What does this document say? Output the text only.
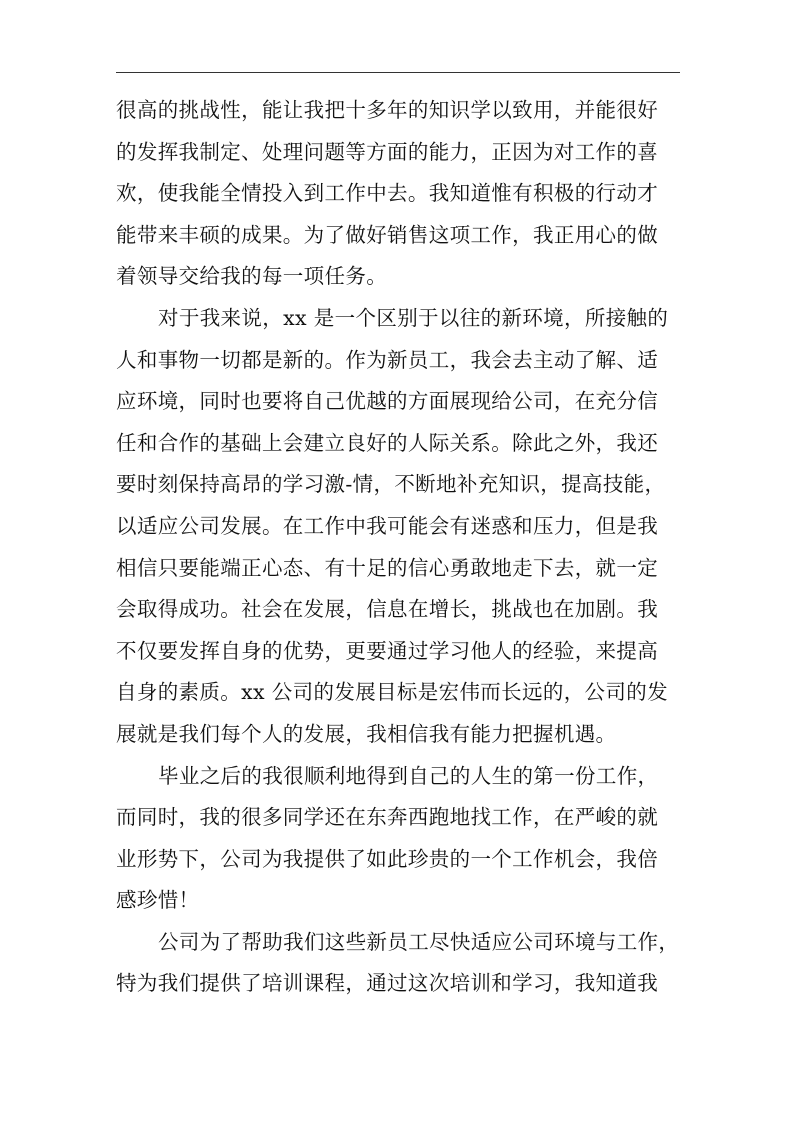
很高的挑战性，能让我把十多年的知识学以致用，并能很好
的发挥我制定、处理问题等方面的能力，正因为对工作的喜
欢，使我能全情投入到工作中去。我知道惟有积极的行动才
能带来丰硕的成果。为了做好销售这项工作，我正用心的做
着领导交给我的每一项任务。
对于我来说，xx 是一个区别于以往的新环境，所接触的
人和事物一切都是新的。作为新员工，我会去主动了解、适
应环境，同时也要将自己优越的方面展现给公司，在充分信
任和合作的基础上会建立良好的人际关系。除此之外，我还
要时刻保持高昂的学习激-情，不断地补充知识，提高技能，
以适应公司发展。在工作中我可能会有迷惑和压力，但是我
相信只要能端正心态、有十足的信心勇敢地走下去，就一定
会取得成功。社会在发展，信息在增长，挑战也在加剧。我
不仅要发挥自身的优势，更要通过学习他人的经验，来提高
自身的素质。xx 公司的发展目标是宏伟而长远的，公司的发
展就是我们每个人的发展，我相信我有能力把握机遇。
毕业之后的我很顺利地得到自己的人生的第一份工作，
而同时，我的很多同学还在东奔西跑地找工作，在严峻的就
业形势下，公司为我提供了如此珍贵的一个工作机会，我倍
感珍惜！
公司为了帮助我们这些新员工尽快适应公司环境与工作，
特为我们提供了培训课程，通过这次培训和学习，我知道我
